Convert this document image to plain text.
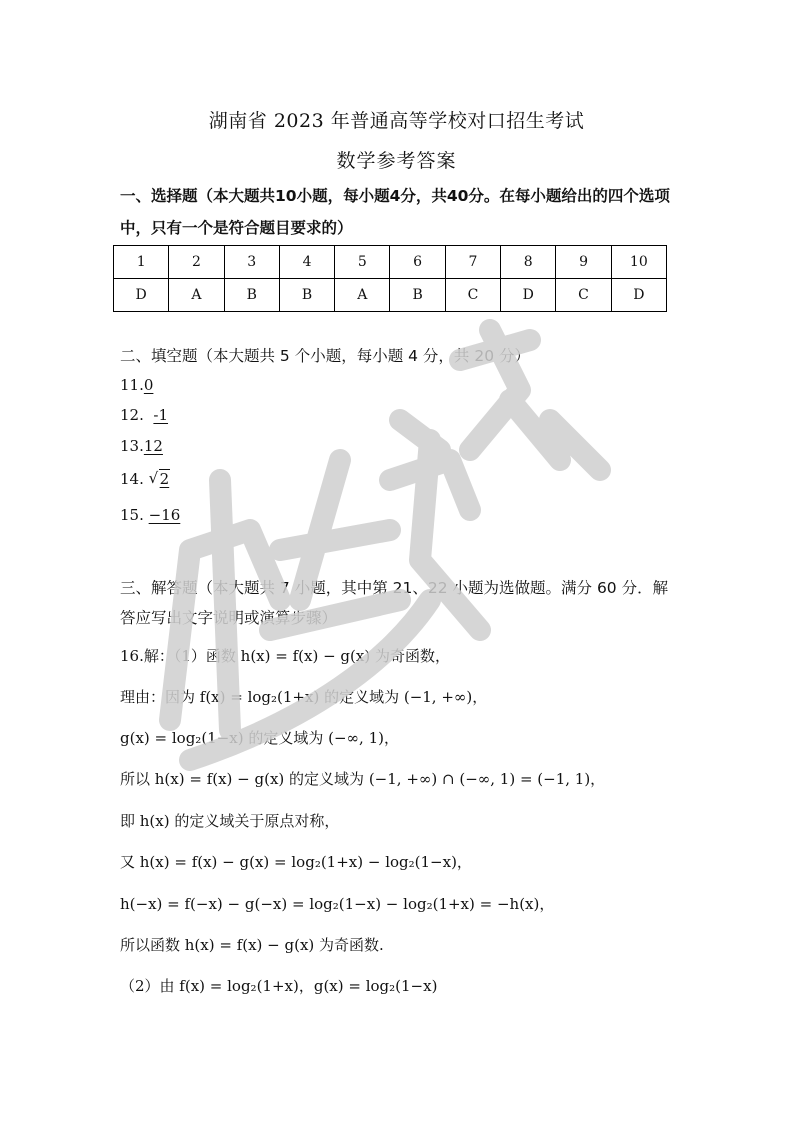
湖南省 2023 年普通高等学校对口招生考试
数学参考答案
一、选择题（本大题共10小题，每小题4分，共40分。在每小题给出的四个选项
中，只有一个是符合题目要求的）
1	2	3	4	5	6	7	8	9	10
D	A	B	B	A	B	C	D	C	D
二、填空题（本大题共 5 个小题，每小题 4 分，共 20 分）
11.0
12. -1
13.12
14. √ 2
15. −16
三、解答题（本大题共 7 小题，其中第 21、22 小题为选做题。满分 60 分．解
答应写出文字说明或演算步骤）
16.解：（1）函数 h(x) = f(x) − g(x) 为奇函数，
理由：因为 f(x) = log₂(1+x) 的定义域为 (−1, +∞)，
g(x) = log₂(1−x) 的定义域为 (−∞, 1)，
所以 h(x) = f(x) − g(x) 的定义域为 (−1, +∞) ∩ (−∞, 1) = (−1, 1)，
即 h(x) 的定义域关于原点对称，
又 h(x) = f(x) − g(x) = log₂(1+x) − log₂(1−x)，
h(−x) = f(−x) − g(−x) = log₂(1−x) − log₂(1+x) = −h(x)，
所以函数 h(x) = f(x) − g(x) 为奇函数.
（2）由 f(x) = log₂(1+x)，g(x) = log₂(1−x)
